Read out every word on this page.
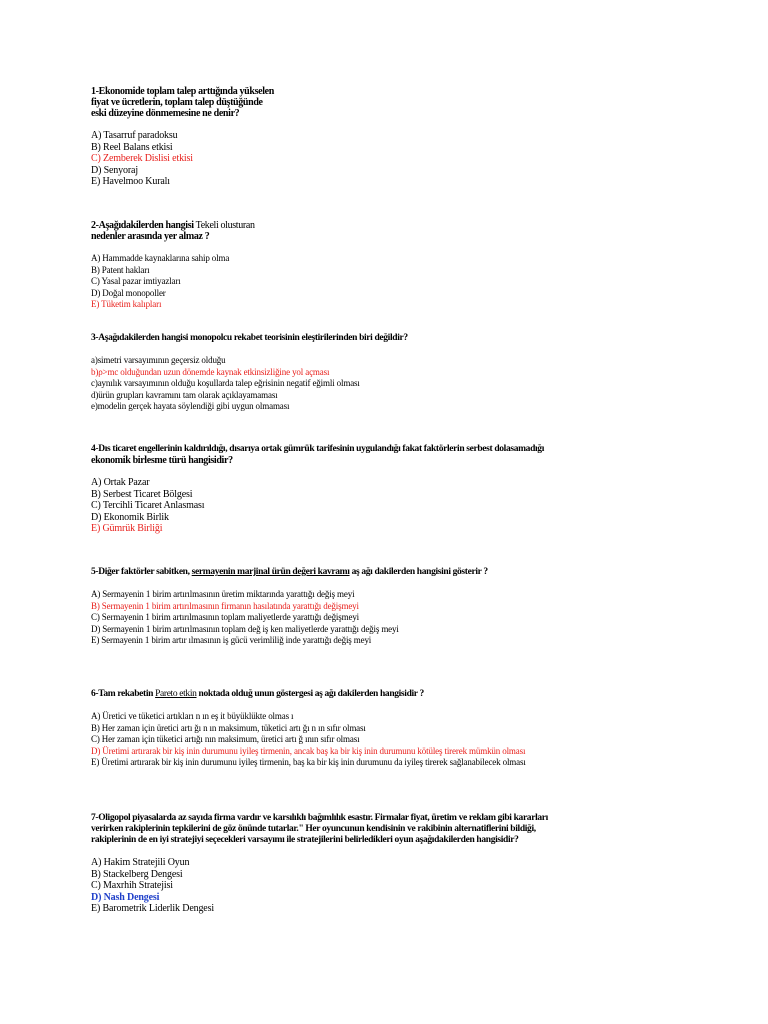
1-Ekonomide toplam talep arttığında yükselen
fiyat ve ücretlerin, toplam talep düştüğünde
eski düzeyine dönmemesine ne denir?
A) Tasarruf paradoksu
B) Reel Balans etkisi
C) Zemberek Dislisi etkisi
D) Senyoraj
E) Havelmoo Kuralı
2-Aşağıdakilerden hangisi Tekeli olusturan
nedenler arasında yer almaz ?
A) Hammadde kaynaklarına sahip olma
B) Patent hakları
C) Yasal pazar imtiyazları
D) Doğal monopoller
E) Tüketim kalıpları
3-Aşağıdakilerden hangisi monopolcu rekabet teorisinin eleştirilerinden biri değildir?
a)simetri varsayımının geçersiz olduğu
b)ρ>mc olduğundan uzun dönemde kaynak etkinsizliğine yol açması
c)aynılık varsayımının olduğu koşullarda talep eğrisinin negatif eğimli olması
d)ürün grupları kavramını tam olarak açıklayamaması
e)modelin gerçek hayata söylendiği gibi uygun olmaması
4-Dıs ticaret engellerinin kaldırıldığı, dısarıya ortak gümrük tarifesinin uygulandığı fakat faktörlerin serbest dolasamadığı
ekonomik birlesme türü hangisidir?
A) Ortak Pazar
B) Serbest Ticaret Bölgesi
C) Tercihli Ticaret Anlasması
D) Ekonomik Birlik
E) Gümrük Birliği
5-Diğer faktörler sabitken, sermayenin marjinal ürün değeri kavramı aş ağı dakilerden hangisini gösterir ?
A) Sermayenin 1 birim artırılmasının üretim miktarında yarattığı değiş meyi
B) Sermayenin 1 birim artırılmasının firmanın hasılatında yarattığı değişmeyi
C) Sermayenin 1 birim artırılmasının toplam maliyetlerde yarattığı değişmeyi
D) Sermayenin 1 birim artırılmasının toplam değ iş ken maliyetlerde yarattığı değiş meyi
E) Sermayenin 1 birim artır ılmasının iş gücü verimliliğ inde yarattığı değiş meyi
6-Tam rekabetin Pareto etkin noktada olduğ unun göstergesi aş ağı dakilerden hangisidir ?
A) Üretici ve tüketici artıkları n ın eş it büyüklükte olmas ı
B) Her zaman için üretici artı ğı n ın maksimum, tüketici artı ğı n ın sıfır olması
C) Her zaman için tüketici artığı nın maksimum, üretici artı ğ ının sıfır olması
D) Üretimi artırarak bir kiş inin durumunu iyileş tirmenin, ancak baş ka bir kiş inin durumunu kötüleş tirerek mümkün olması
E) Üretimi artırarak bir kiş inin durumunu iyileş tirmenin, baş ka bir kiş inin durumunu da iyileş tirerek sağlanabilecek olması
7-Oligopol piyasalarda az sayıda firma vardır ve karsılıklı bağımlılık esastır. Firmalar fiyat, üretim ve reklam gibi kararları
verirken rakiplerinin tepkilerini de göz önünde tutarlar." Her oyuncunun kendisinin ve rakibinin alternatiflerini bildiği,
rakiplerinin de en iyi stratejiyi seçecekleri varsayımı ile stratejilerini belirledikleri oyun aşağıdakilerden hangisidir?
A) Hakim Stratejili Oyun
B) Stackelberg Dengesi
C) Maxrhih Stratejisi
D) Nash Dengesi
E) Barometrik Liderlik Dengesi
